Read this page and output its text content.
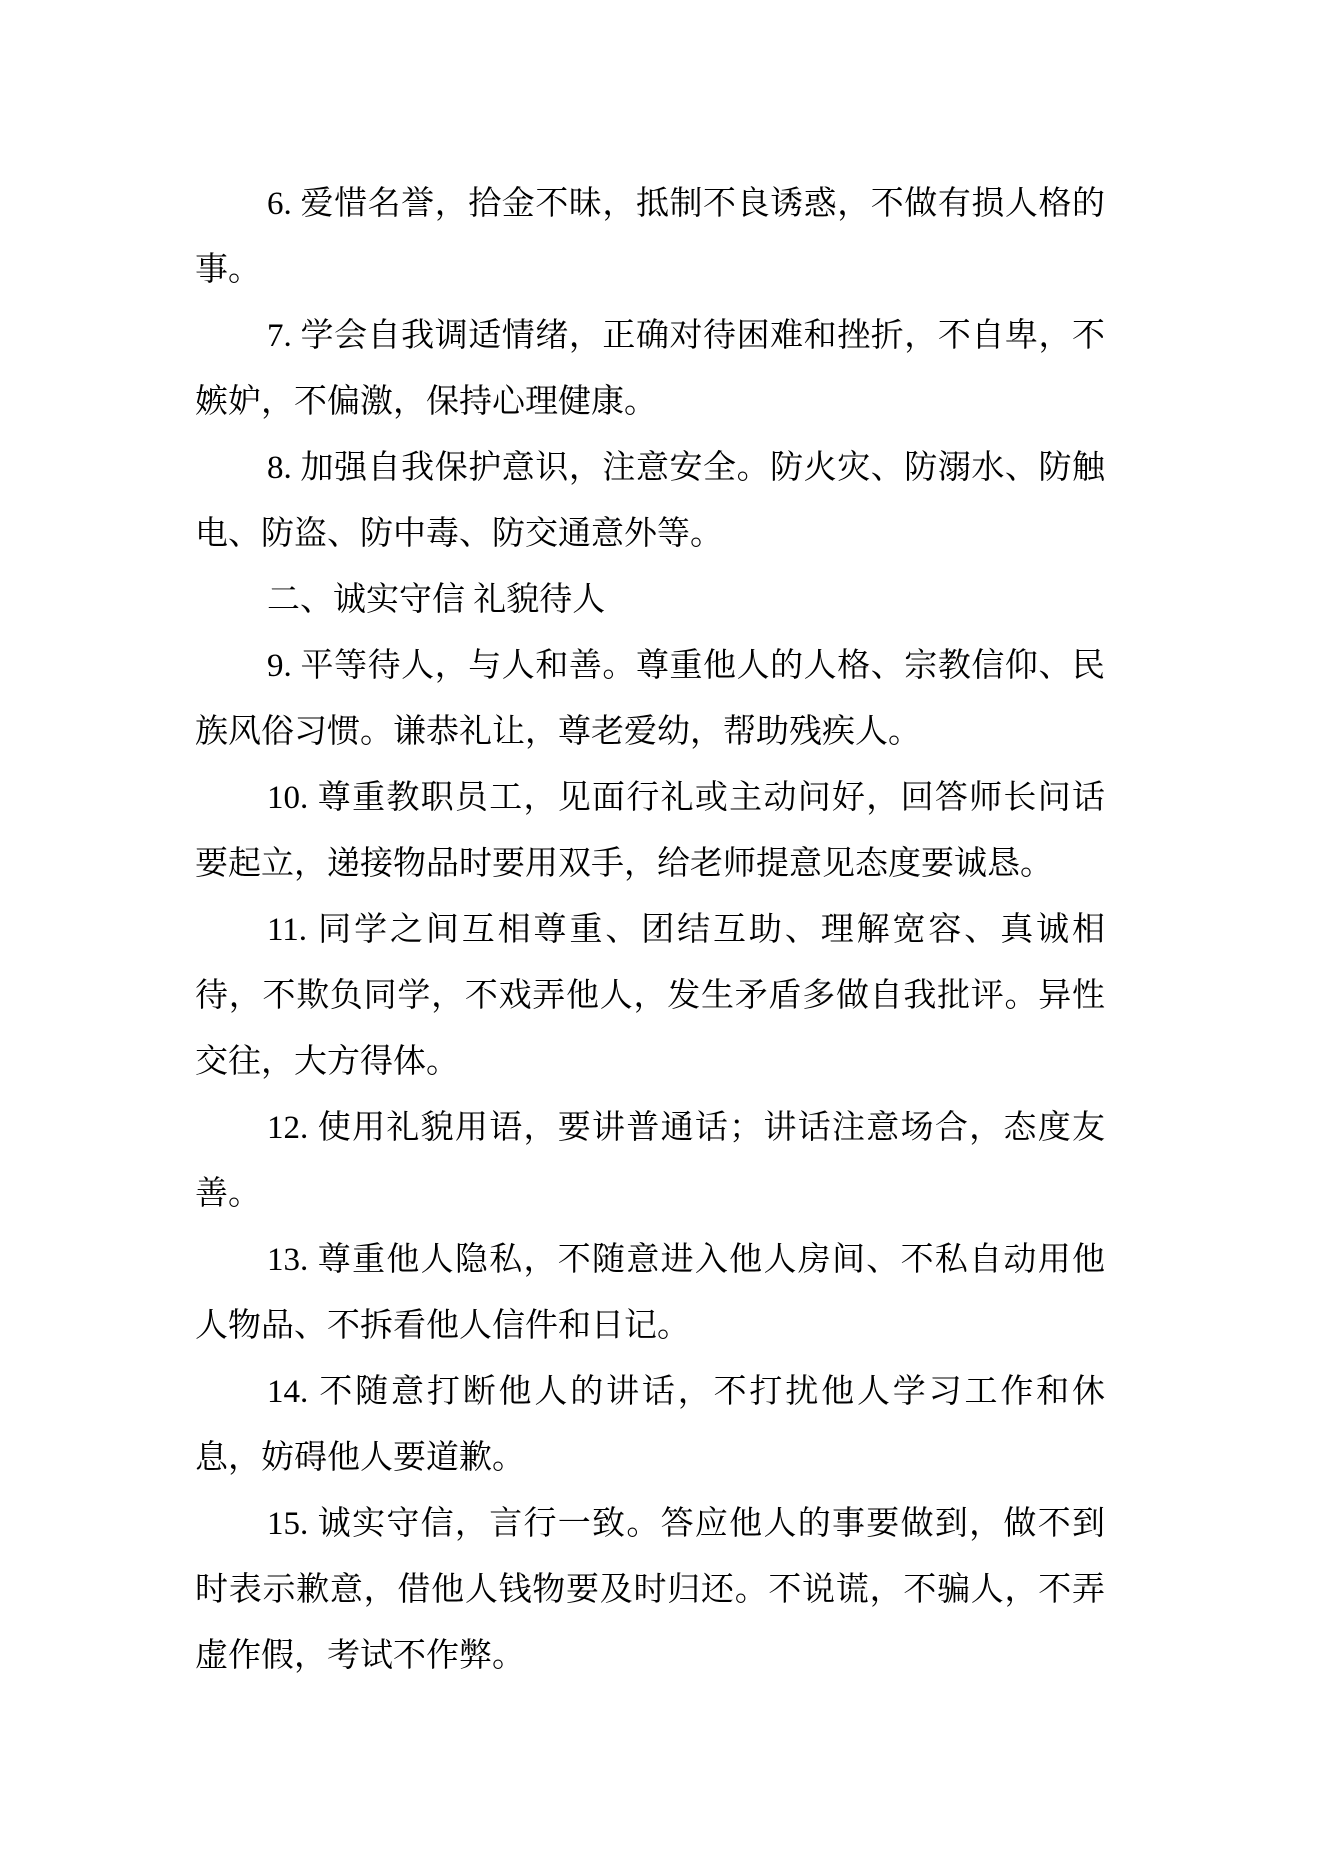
6. 爱惜名誉，拾金不昧，抵制不良诱惑，不做有损人格的事。

7. 学会自我调适情绪，正确对待困难和挫折，不自卑，不嫉妒，不偏激，保持心理健康。

8. 加强自我保护意识，注意安全。防火灾、防溺水、防触电、防盗、防中毒、防交通意外等。

二、诚实守信 礼貌待人

9. 平等待人，与人和善。尊重他人的人格、宗教信仰、民族风俗习惯。谦恭礼让，尊老爱幼，帮助残疾人。

10. 尊重教职员工，见面行礼或主动问好，回答师长问话要起立，递接物品时要用双手，给老师提意见态度要诚恳。

11. 同学之间互相尊重、团结互助、理解宽容、真诚相待，不欺负同学，不戏弄他人，发生矛盾多做自我批评。异性交往，大方得体。

12. 使用礼貌用语，要讲普通话；讲话注意场合，态度友善。

13. 尊重他人隐私，不随意进入他人房间、不私自动用他人物品、不拆看他人信件和日记。

14. 不随意打断他人的讲话，不打扰他人学习工作和休息，妨碍他人要道歉。

15. 诚实守信，言行一致。答应他人的事要做到，做不到时表示歉意，借他人钱物要及时归还。不说谎，不骗人，不弄虚作假，考试不作弊。
